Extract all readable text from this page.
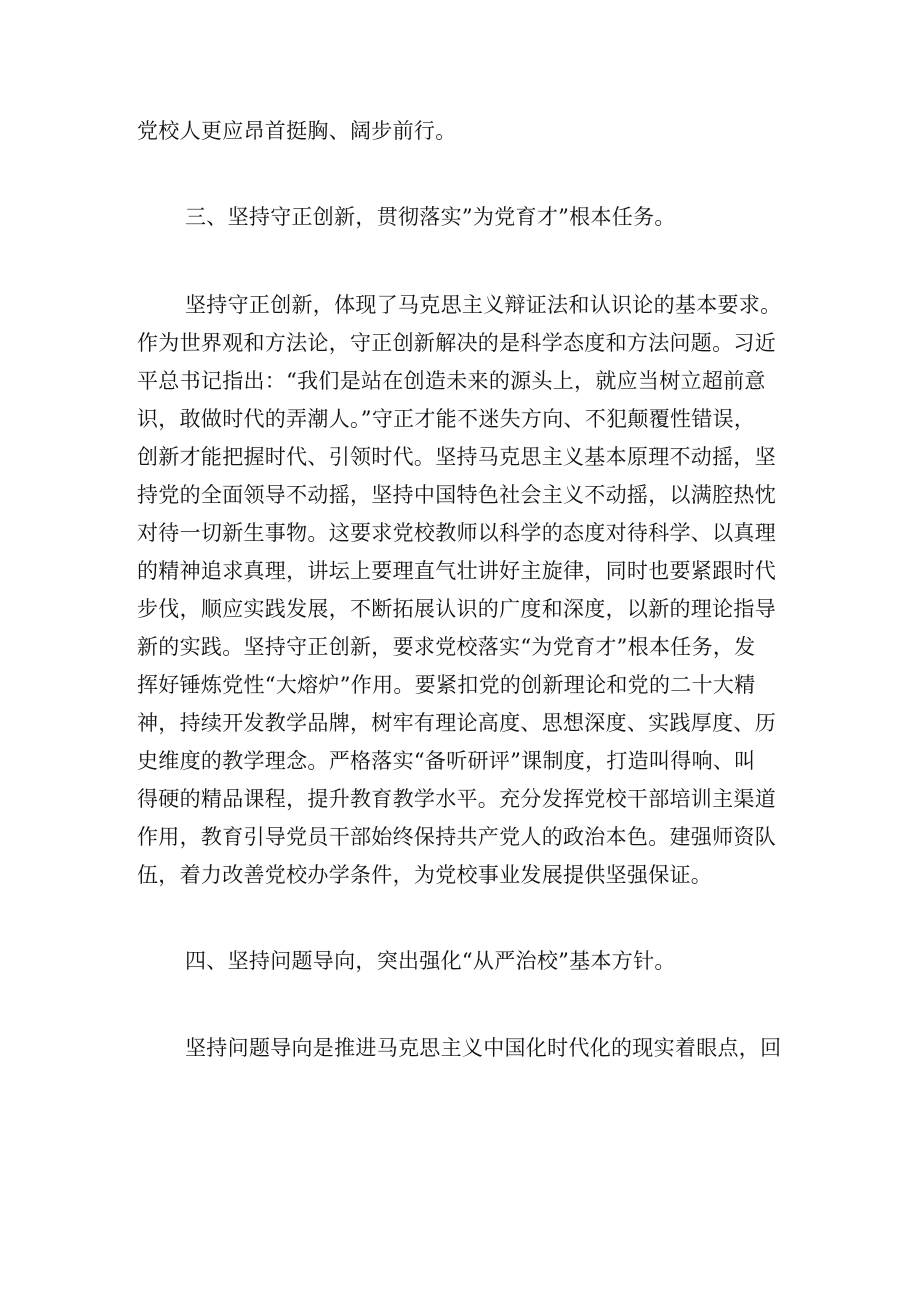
党校人更应昂首挺胸、阔步前行。
三、坚持守正创新，贯彻落实”为党育才”根本任务。
坚持守正创新，体现了马克思主义辩证法和认识论的基本要求。
作为世界观和方法论，守正创新解决的是科学态度和方法问题。习近
平总书记指出：“我们是站在创造未来的源头上，就应当树立超前意
识，敢做时代的弄潮人。”守正才能不迷失方向、不犯颠覆性错误，
创新才能把握时代、引领时代。坚持马克思主义基本原理不动摇，坚
持党的全面领导不动摇，坚持中国特色社会主义不动摇，以满腔热忱
对待一切新生事物。这要求党校教师以科学的态度对待科学、以真理
的精神追求真理，讲坛上要理直气壮讲好主旋律，同时也要紧跟时代
步伐，顺应实践发展，不断拓展认识的广度和深度，以新的理论指导
新的实践。坚持守正创新，要求党校落实“为党育才”根本任务，发
挥好锤炼党性“大熔炉”作用。要紧扣党的创新理论和党的二十大精
神，持续开发教学品牌，树牢有理论高度、思想深度、实践厚度、历
史维度的教学理念。严格落实“备听研评”课制度，打造叫得响、叫
得硬的精品课程，提升教育教学水平。充分发挥党校干部培训主渠道
作用，教育引导党员干部始终保持共产党人的政治本色。建强师资队
伍，着力改善党校办学条件，为党校事业发展提供坚强保证。
四、坚持问题导向，突出强化“从严治校”基本方针。
坚持问题导向是推进马克思主义中国化时代化的现实着眼点，回
